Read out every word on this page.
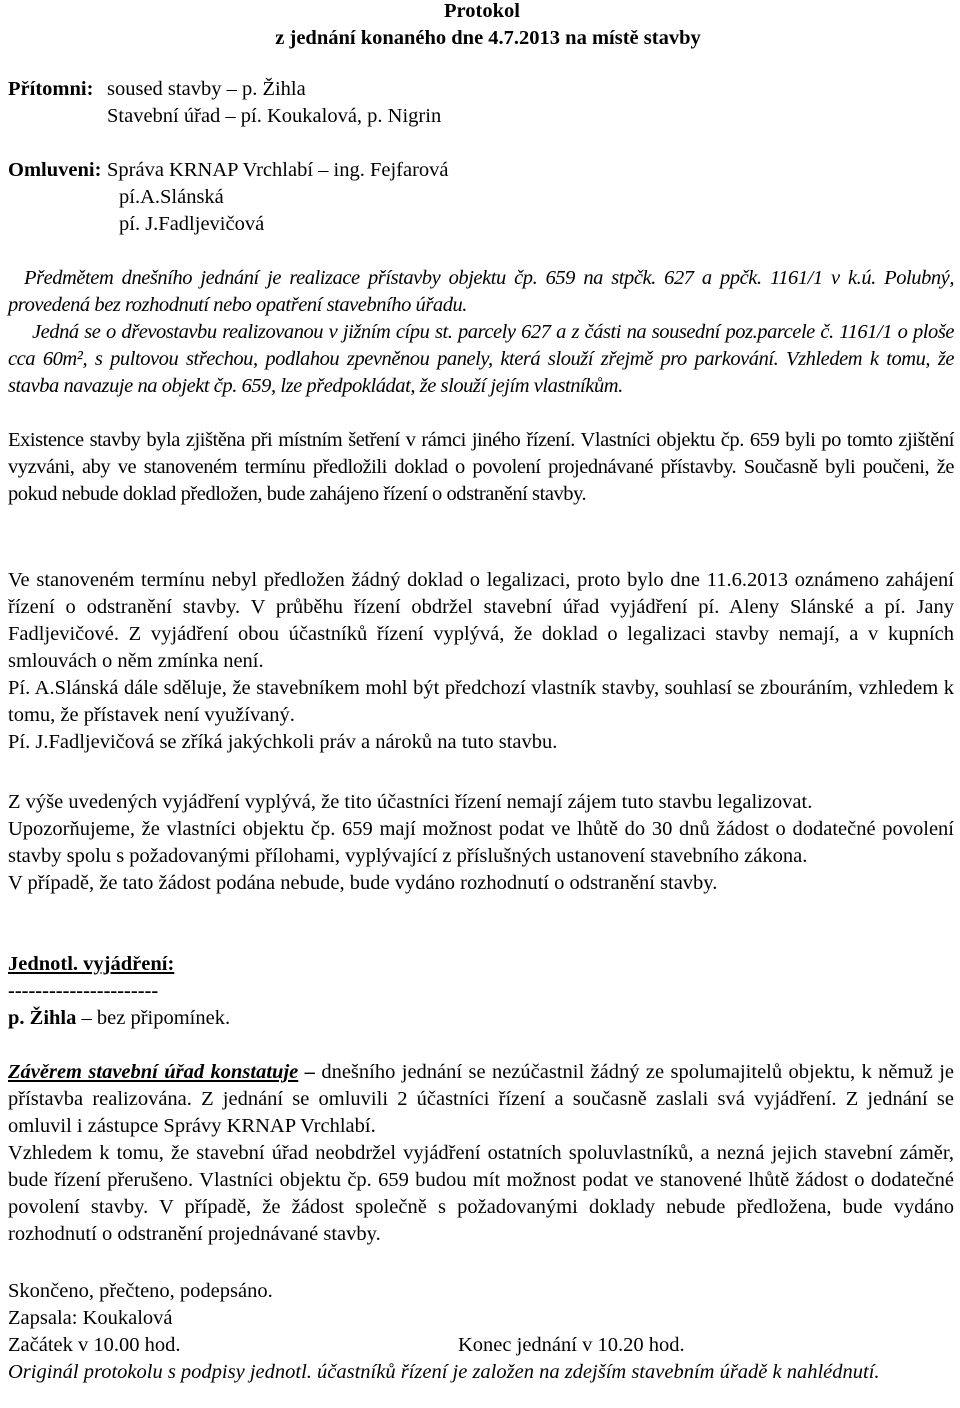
Protokol
z jednání konaného dne 4.7.2013 na místě stavby
Přítomni: soused stavby – p. Žihla
Stavební úřad – pí. Koukalová, p. Nigrin
Omluveni: Správa KRNAP Vrchlabí – ing. Fejfarová
pí.A.Slánská
pí. J.Fadljevičová

Předmětem dnešního jednání je realizace přístavby objektu čp. 659 na stpčk. 627 a ppčk. 1161/1 v k.ú. Polubný, provedená bez rozhodnutí nebo opatření stavebního úřadu.

Jedná se o dřevostavbu realizovanou v jižním cípu st. parcely 627 a z části na sousední poz.parcele č. 1161/1 o ploše cca 60m², s pultovou střechou, podlahou zpevněnou panely, která slouží zřejmě pro parkování. Vzhledem k tomu, že stavba navazuje na objekt čp. 659, lze předpokládat, že slouží jejím vlastníkům.

Existence stavby byla zjištěna při místním šetření v rámci jiného řízení. Vlastníci objektu čp. 659 byli po tomto zjištění vyzváni, aby ve stanoveném termínu předložili doklad o povolení projednávané přístavby. Současně byli poučeni, že pokud nebude doklad předložen, bude zahájeno řízení o odstranění stavby.

Ve stanoveném termínu nebyl předložen žádný doklad o legalizaci, proto bylo dne 11.6.2013 oznámeno zahájení řízení o odstranění stavby. V průběhu řízení obdržel stavební úřad vyjádření pí. Aleny Slánské a pí. Jany Fadljevičové. Z vyjádření obou účastníků řízení vyplývá, že doklad o legalizaci stavby nemají, a v kupních smlouvách o něm zmínka není.

Pí. A.Slánská dále sděluje, že stavebníkem mohl být předchozí vlastník stavby, souhlasí se zbouráním, vzhledem k tomu, že přístavek není využívaný.

Pí. J.Fadljevičová se zříká jakýchkoli práv a nároků na tuto stavbu.

Z výše uvedených vyjádření vyplývá, že tito účastníci řízení nemají zájem tuto stavbu legalizovat.

Upozorňujeme, že vlastníci objektu čp. 659 mají možnost podat ve lhůtě do 30 dnů žádost o dodatečné povolení stavby spolu s požadovanými přílohami, vyplývající z příslušných ustanovení stavebního zákona.

V případě, že tato žádost podána nebude, bude vydáno rozhodnutí o odstranění stavby.

Jednotl. vyjádření:
----------------------
p. Žihla – bez připomínek.

Závěrem stavební úřad konstatuje – dnešního jednání se nezúčastnil žádný ze spolumajitelů objektu, k němuž je přístavba realizována. Z jednání se omluvili 2 účastníci řízení a současně zaslali svá vyjádření. Z jednání se omluvil i zástupce Správy KRNAP Vrchlabí.

Vzhledem k tomu, že stavební úřad neobdržel vyjádření ostatních spoluvlastníků, a nezná jejich stavební záměr, bude řízení přerušeno. Vlastníci objektu čp. 659 budou mít možnost podat ve stanovené lhůtě žádost o dodatečné povolení stavby. V případě, že žádost společně s požadovanými doklady nebude předložena, bude vydáno rozhodnutí o odstranění projednávané stavby.

Skončeno, přečteno, podepsáno.
Zapsala: Koukalová
Začátek v 10.00 hod.	Konec jednání v 10.20 hod.

Originál protokolu s podpisy jednotl. účastníků řízení je založen na zdejším stavebním úřadě k nahlédnutí.
